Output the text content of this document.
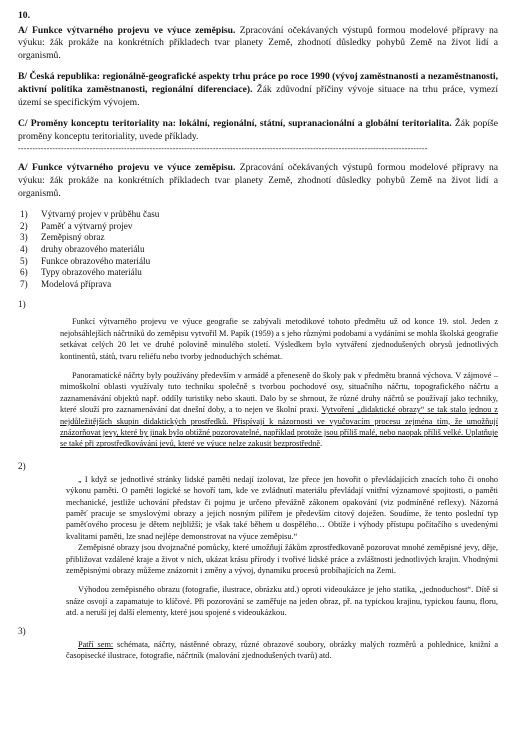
10.
A/ Funkce výtvarného projevu ve výuce zeměpisu. Zpracování očekávaných výstupů formou modelové přípravy na výuku: žák prokáže na konkrétních příkladech tvar planety Země, zhodnotí důsledky pohybů Země na život lidí a organismů.
B/ Česká republika: regionálně-geografické aspekty trhu práce po roce 1990 (vývoj zaměstnanosti a nezaměstnanosti, aktivní politika zaměstnanosti, regionální diferenciace). Žák zdůvodní příčiny vývoje situace na trhu práce, vymezí území se specifickým vývojem.
C/ Proměny konceptu teritoriality na: lokální, regionální, státní, supranacionální a globální teritorialita. Žák popíše proměny konceptu teritoriality, uvede příklady.
-----------------------------------------------------------------------------------------------------------------------------------------------
A/ Funkce výtvarného projevu ve výuce zeměpisu. Zpracování očekávaných výstupů formou modelové přípravy na výuku: žák prokáže na konkrétních příkladech tvar planety Země, zhodnotí důsledky pohybů Země na život lidí a organismů.
1)	Výtvarný projev v průběhu času
2)	Paměť a výtvarný projev
3)	Zeměpisný obraz
4)	druhy obrazového materiálu
5)	Funkce obrazového materiálu
6)	Typy obrazového materiálu
7)	Modelová příprava
1)
Funkcí výtvarného projevu ve výuce geografie se zabývali metodikové tohoto předmětu už od konce 19. stol. Jeden z nejobsáhlejších náčrtníků do zeměpisu vytvořil M. Papík (1959) a s jeho různými podobami a vydáními se mohla školská geografie setkávat celých 20 let ve druhé polovině minulého století. Výsledkem bylo vytváření zjednodušených obrysů jednotlivých kontinentů, států, tvaru reliéfu nebo tvorby jednoduchých schémat.
Panoramatické náčrty byly používány především v armádě a přeneseně do školy pak v předmětu branná výchova. V zájmové – mimoškolní oblasti využívaly tuto techniku společně s tvorbou pochodové osy, situačního náčrtu, topografického náčrtu a zaznamenávání objektů např. oddíly turistiky nebo skauti. Dalo by se shrnout, že různé druhy náčrtů se používají jako techniky, které slouží pro zaznamenávání dat dnešní doby, a to nejen ve školní praxi. Vytvoření „didaktické obrazy“ se tak stalo jednou z nejdůležitějších skupin didaktických prostředků. Přispívají k názornosti ve vyučovacím procesu zejména tím, že umožňují znázorňovat jevy, které by jinak bylo obtížné pozorovatelné, například protože jsou příliš malé, nebo naopak příliš velké. Uplatňuje se také při zprostředkovávání jevů, které ve výuce nelze zakusit bezprostředně.
2)
„ I když se jednotlivé stránky lidské paměti nedají izolovat, lze přece jen hovořit o převládajících znacích toho či onoho výkonu paměti. O paměti logické se hovoří tam, kde ve zvládnutí materiálu převládají vnitřní významové spojitosti, o paměti mechanické, jestliže uchování představ či pojmu je určeno převážně zákonem opakování (viz podmíněné reflexy). Názorná paměť pracuje se smyslovými obrazy a jejich nosným pilířem je především citový doježen. Soudíme, že tento poslední typ paměťového procesu je dětem nejbližší; je však také během u dospělého… Obtíže i výhody přístupu počítačího s uvedenými kvalitami paměti, lze snad nejlépe demonstrovat na výuce zeměpisu.“
Zeměpisné obrazy jsou dvojznačné pomůcky, které umožňují žákům zprostředkovaně pozorovat mnohé zeměpisné jevy, děje, přibližovat vzdálené kraje a život v nich, ukázat krásu přírody i tvořivé lidské práce a zvláštnosti jednotlivých krajin. Vhodnými zeměpisnými obrazy můžeme znázornit i změny a vývoj, dynamiku procesů probíhajících na Zemi.
Výhodou zeměpisného obrazu (fotografie, ilustrace, obrázku atd.) oproti videoukázce je jeho statika, „jednoduchost“. Dítě si snáze osvojí a zapamatuje to klíčové. Při pozorování se zaměřuje na jeden obraz, př. na typickou krajinu, typickou faunu, floru, atd. a neruší jej další elementy, které jsou spojené s videoukázkou.
3)
Patří sem: schémata, náčrty, nástěnné obrazy, různé obrazové soubory, obrázky malých rozměrů a pohlednice, knižní a časopisecké ilustrace, fotografie, náčrtník (malování zjednodušených tvarů) atd.
